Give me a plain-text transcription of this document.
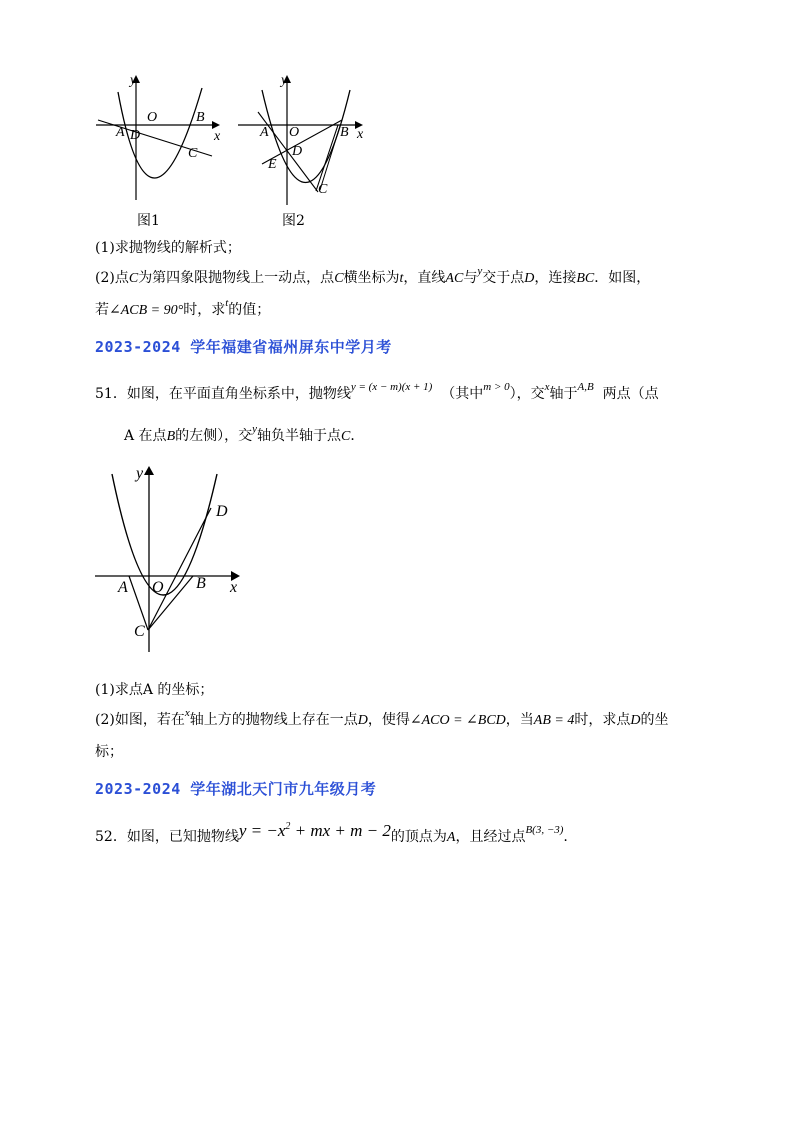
y
x
O
A D
B
C
图1
y
x
O
A
D
B
C
E
图2
(1)求抛物线的解析式；
(2)点C为第四象限抛物线上一动点，点C横坐标为t，直线AC与$^y$交于点D，连接BC．如图，
若∠ACB = 90°时，求$^t$的值；
2023-2024 学年福建省福州屏东中学月考
51．如图，在平面直角坐标系中，抛物线$^{y = (x - m)(x + 1)}$ （其中$^{m > 0}$），交$^x$轴于$^{A,B}$ 两点（点
A 在点B的左侧），交$^y$轴负半轴于点C．
y
x
O
A	B
C
D
(1)求点A 的坐标；
(2)如图，若在$^x$轴上方的抛物线上存在一点D，使得∠ACO = ∠BCD，当AB = 4时，求点D的坐
标；
2023-2024 学年湖北天门市九年级月考
52．如图，已知抛物线$y = -x^2$ + mx + m − 2的顶点为A，且经过点$^{B(3, -3)}$.
